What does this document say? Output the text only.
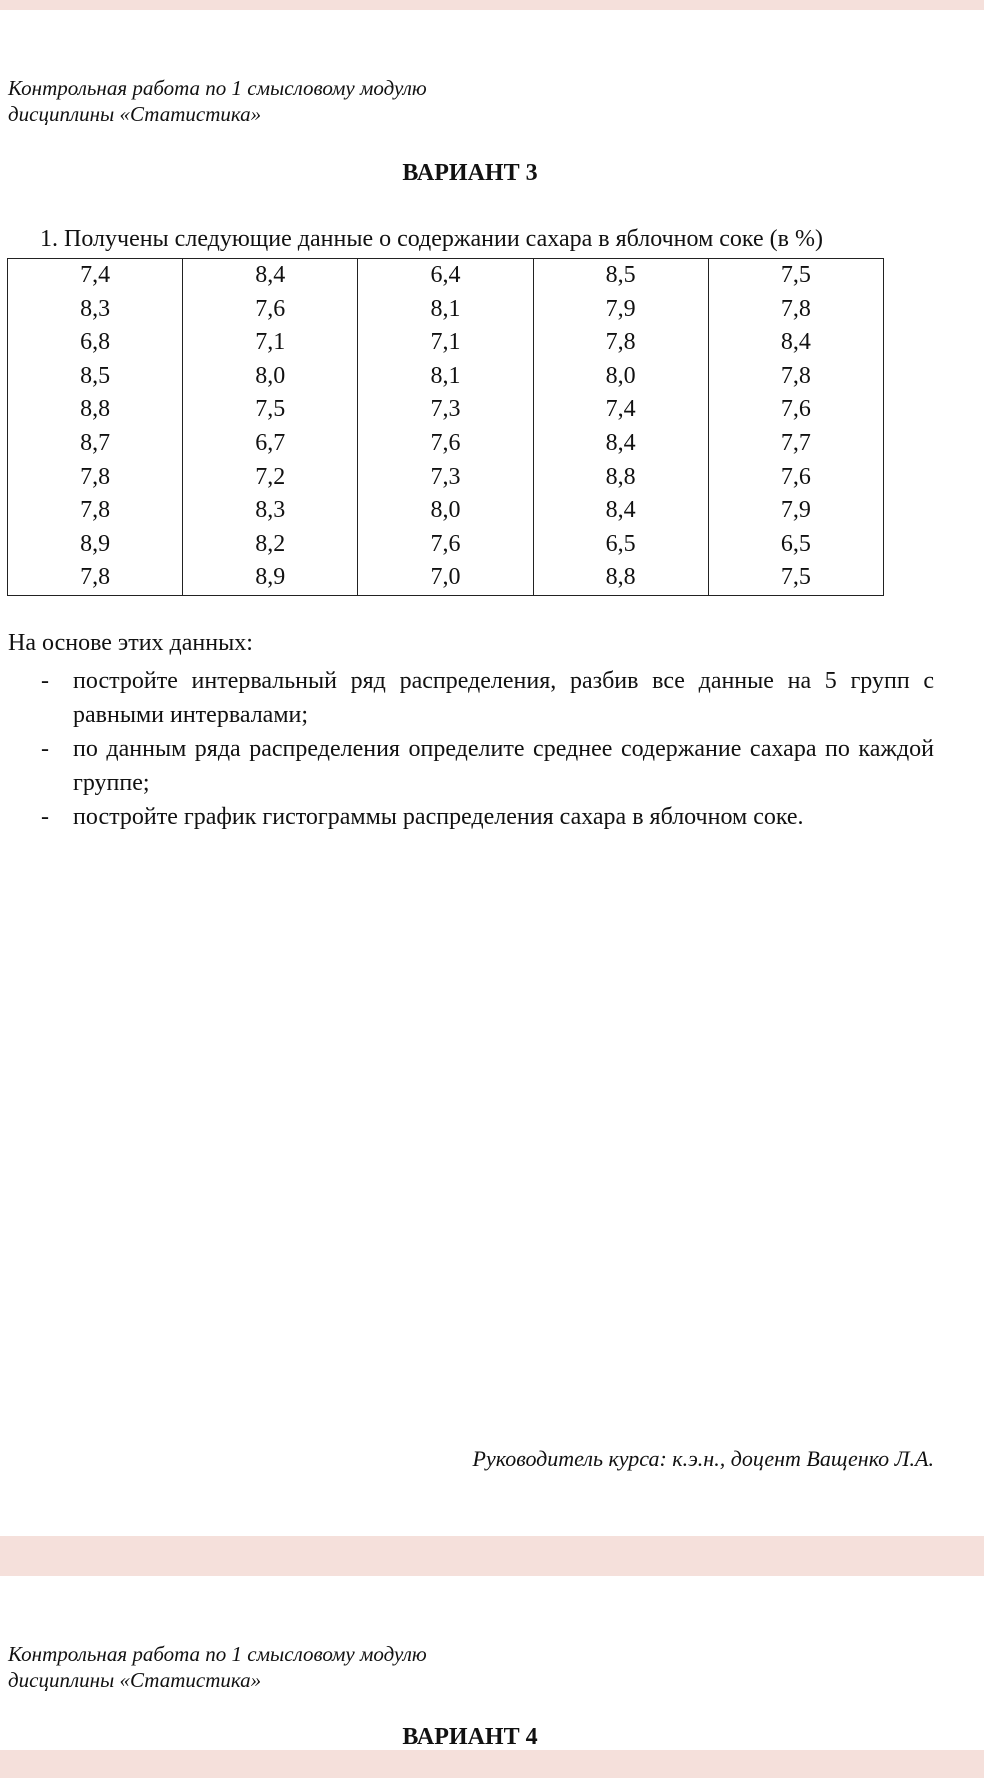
Контрольная работа по 1 смысловому модулю
дисциплины «Статистика»
ВАРИАНТ 3
1. Получены следующие данные о содержании сахара в яблочном соке (в %)
7,4	8,4	6,4	8,5	7,5
8,3	7,6	8,1	7,9	7,8
6,8	7,1	7,1	7,8	8,4
8,5	8,0	8,1	8,0	7,8
8,8	7,5	7,3	7,4	7,6
8,7	6,7	7,6	8,4	7,7
7,8	7,2	7,3	8,8	7,6
7,8	8,3	8,0	8,4	7,9
8,9	8,2	7,6	6,5	6,5
7,8	8,9	7,0	8,8	7,5
На основе этих данных:
- постройте интервальный ряд распределения, разбив все данные на 5 групп с равными интервалами;
- по данным ряда распределения определите среднее содержание сахара по каждой группе;
- постройте график гистограммы распределения сахара в яблочном соке.
Руководитель курса: к.э.н., доцент Ващенко Л.А.
Контрольная работа по 1 смысловому модулю
дисциплины «Статистика»
ВАРИАНТ 4
